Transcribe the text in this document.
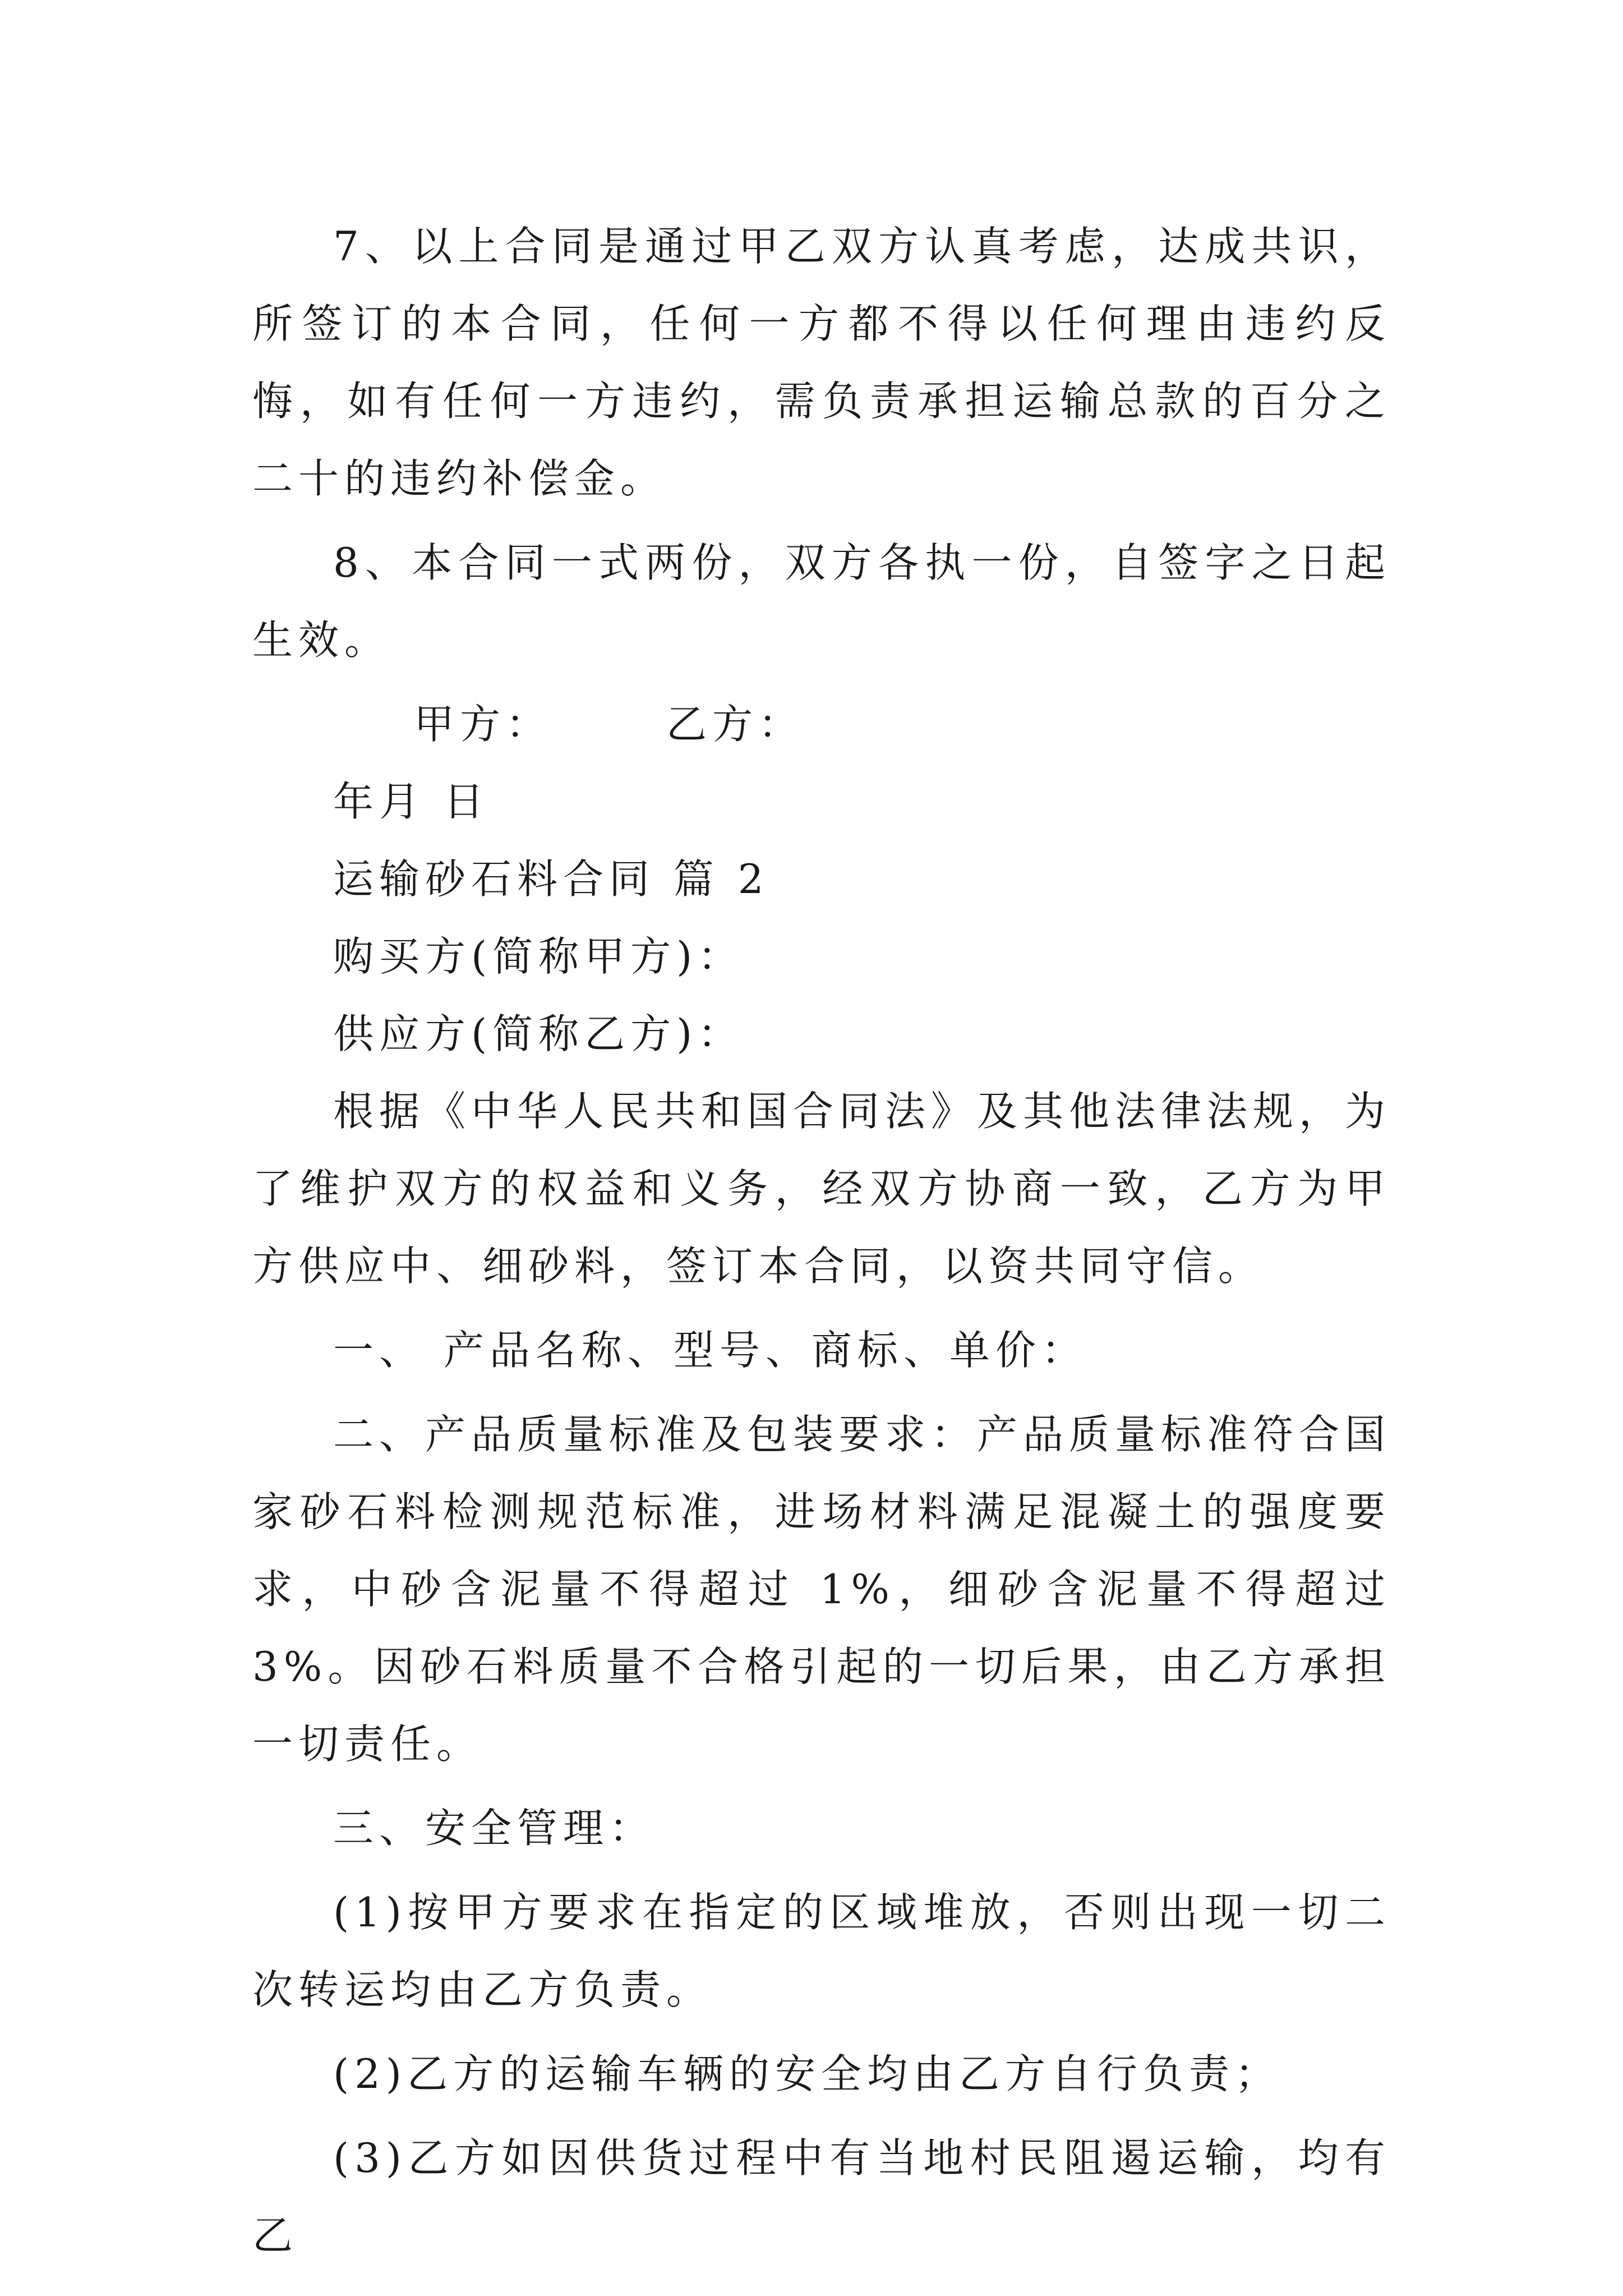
7、以上合同是通过甲乙双方认真考虑，达成共识，所签订的本合同，任何一方都不得以任何理由违约反悔，如有任何一方违约，需负责承担运输总款的百分之二十的违约补偿金。

8、本合同一式两份，双方各执一份，自签字之日起生效。

甲方：	乙方：

年月 日

运输砂石料合同 篇 2

购买方(简称甲方)：

供应方(简称乙方)：

根据《中华人民共和国合同法》及其他法律法规，为了维护双方的权益和义务，经双方协商一致，乙方为甲方供应中、细砂料，签订本合同，以资共同守信。

一、 产品名称、型号、商标、单价：

二、产品质量标准及包装要求：产品质量标准符合国家砂石料检测规范标准，进场材料满足混凝土的强度要求，中砂含泥量不得超过 1%，细砂含泥量不得超过 3%。因砂石料质量不合格引起的一切后果，由乙方承担一切责任。

三、安全管理：

(1)按甲方要求在指定的区域堆放，否则出现一切二次转运均由乙方负责。

(2)乙方的运输车辆的安全均由乙方自行负责；

(3)乙方如因供货过程中有当地村民阻遏运输，均有乙
